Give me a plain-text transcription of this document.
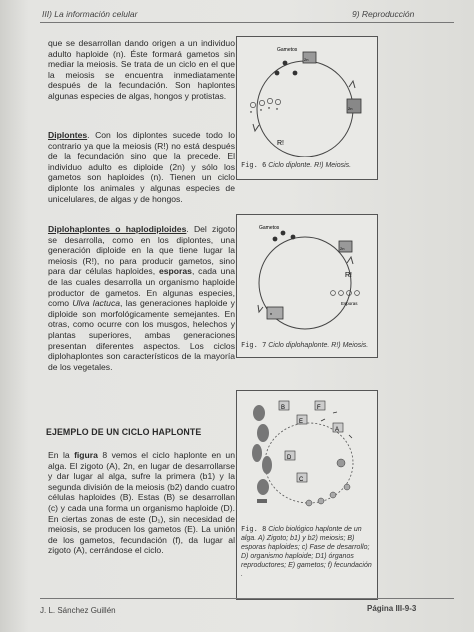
III) La información celular	9) Reproducción

que se desarrollan dando origen a un individuo adulto haploide (n). Éste formará gametos sin mediar la meiosis. Se trata de un ciclo en el que la meiosis se encuentra inmediatamente después de la fecundación. Son haplontes algunas especies de algas, hongos y protistas.

Diplontes. Con los diplontes sucede todo lo contrario ya que la meiosis (R!) no está después de la fecundación sino que la precede. El individuo adulto es diploide (2n) y sólo los gametos son haploides (n). Tienen un ciclo diplonte los animales y algunas especies de unicelulares, de algas y de hongos.

Diplohaplontes o haplodiploides. Del zigoto se desarrolla, como en los diplontes, una generación diploide en la que tiene lugar la meiosis (R!), no para producir gametos, sino para dar células haploides, esporas, cada una de las cuales desarrolla un organismo haploide productor de gametos. En algunas especies, como Ulva lactuca, las generaciones haploide y diploide son morfológicamente semejantes. En otras, como ocurre con los musgos, helechos y plantas superiores, ambas generaciones presentan diferentes aspectos. Los ciclos diplohaplontes son característicos de la mayoría de los vegetales.

EJEMPLO DE UN CICLO HAPLONTE

En la figura 8 vemos el ciclo haplonte en un alga. El zigoto (A), 2n, en lugar de desarrollarse y dar lugar al alga, sufre la primera (b1) y la segunda división de la meiosis (b2) dando cuatro células haploides (B). Estas (B) se desarrollan (c) y cada una forma un organismo haploide (D). En ciertas zonas de este (D₁), sin necesidad de meiosis, se producen los gametos (E). La unión de los gametos, fecundación (f), da lugar al zigoto (A), cerrándose el ciclo.

Gametos
2n
2n
n n n n
R!
Fig. 6 Ciclo diplonte. R!) Meiosis.
Gametos
2n
R!
Esporas
n
Fig. 7 Ciclo diplohaplonte. R!) Meiosis.
B	F
A
E
D
C
Fig. 8 Ciclo biológico haplonte de un alga. A) Zigoto; b1) y b2) meiosis; B) esporas haploides; c) Fase de desarrollo; D) organismo haploide; D1) órganos reproductores; E) gametos; f) fecundación .
J. L. Sánchez Guillén	Página III-9-3
